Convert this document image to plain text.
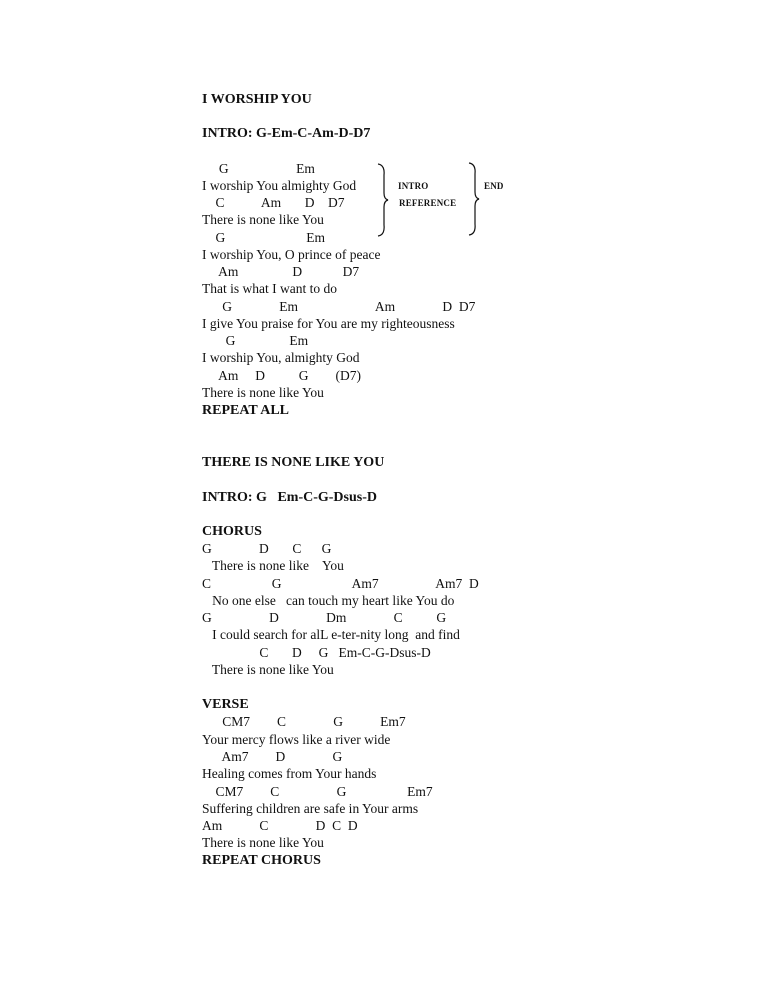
I WORSHIP YOU
INTRO: G-Em-C-Am-D-D7
G                    Em
I worship You almighty God
C           Am       D    D7
There is none like You
G                        Em
I worship You, O prince of peace
Am                D            D7
That is what I want to do
G              Em                       Am              D  D7
I give You praise for You are my righteousness
G                Em
I worship You, almighty God
Am     D          G        (D7)
There is none like You
REPEAT ALL
THERE IS NONE LIKE YOU
INTRO: G   Em-C-G-Dsus-D
CHORUS
G              D       C      G
There is none like    You
C                  G                     Am7                 Am7  D
No one else   can touch my heart like You do
G                 D              Dm              C          G
I could search for alL e-ter-nity long  and find
C       D     G   Em-C-G-Dsus-D
There is none like You
VERSE
CM7        C              G           Em7
Your mercy flows like a river wide
Am7        D              G
Healing comes from Your hands
CM7        C                 G                  Em7
Suffering children are safe in Your arms
Am           C              D  C  D
There is none like You
REPEAT CHORUS
INTRO
REFERENCE
END
